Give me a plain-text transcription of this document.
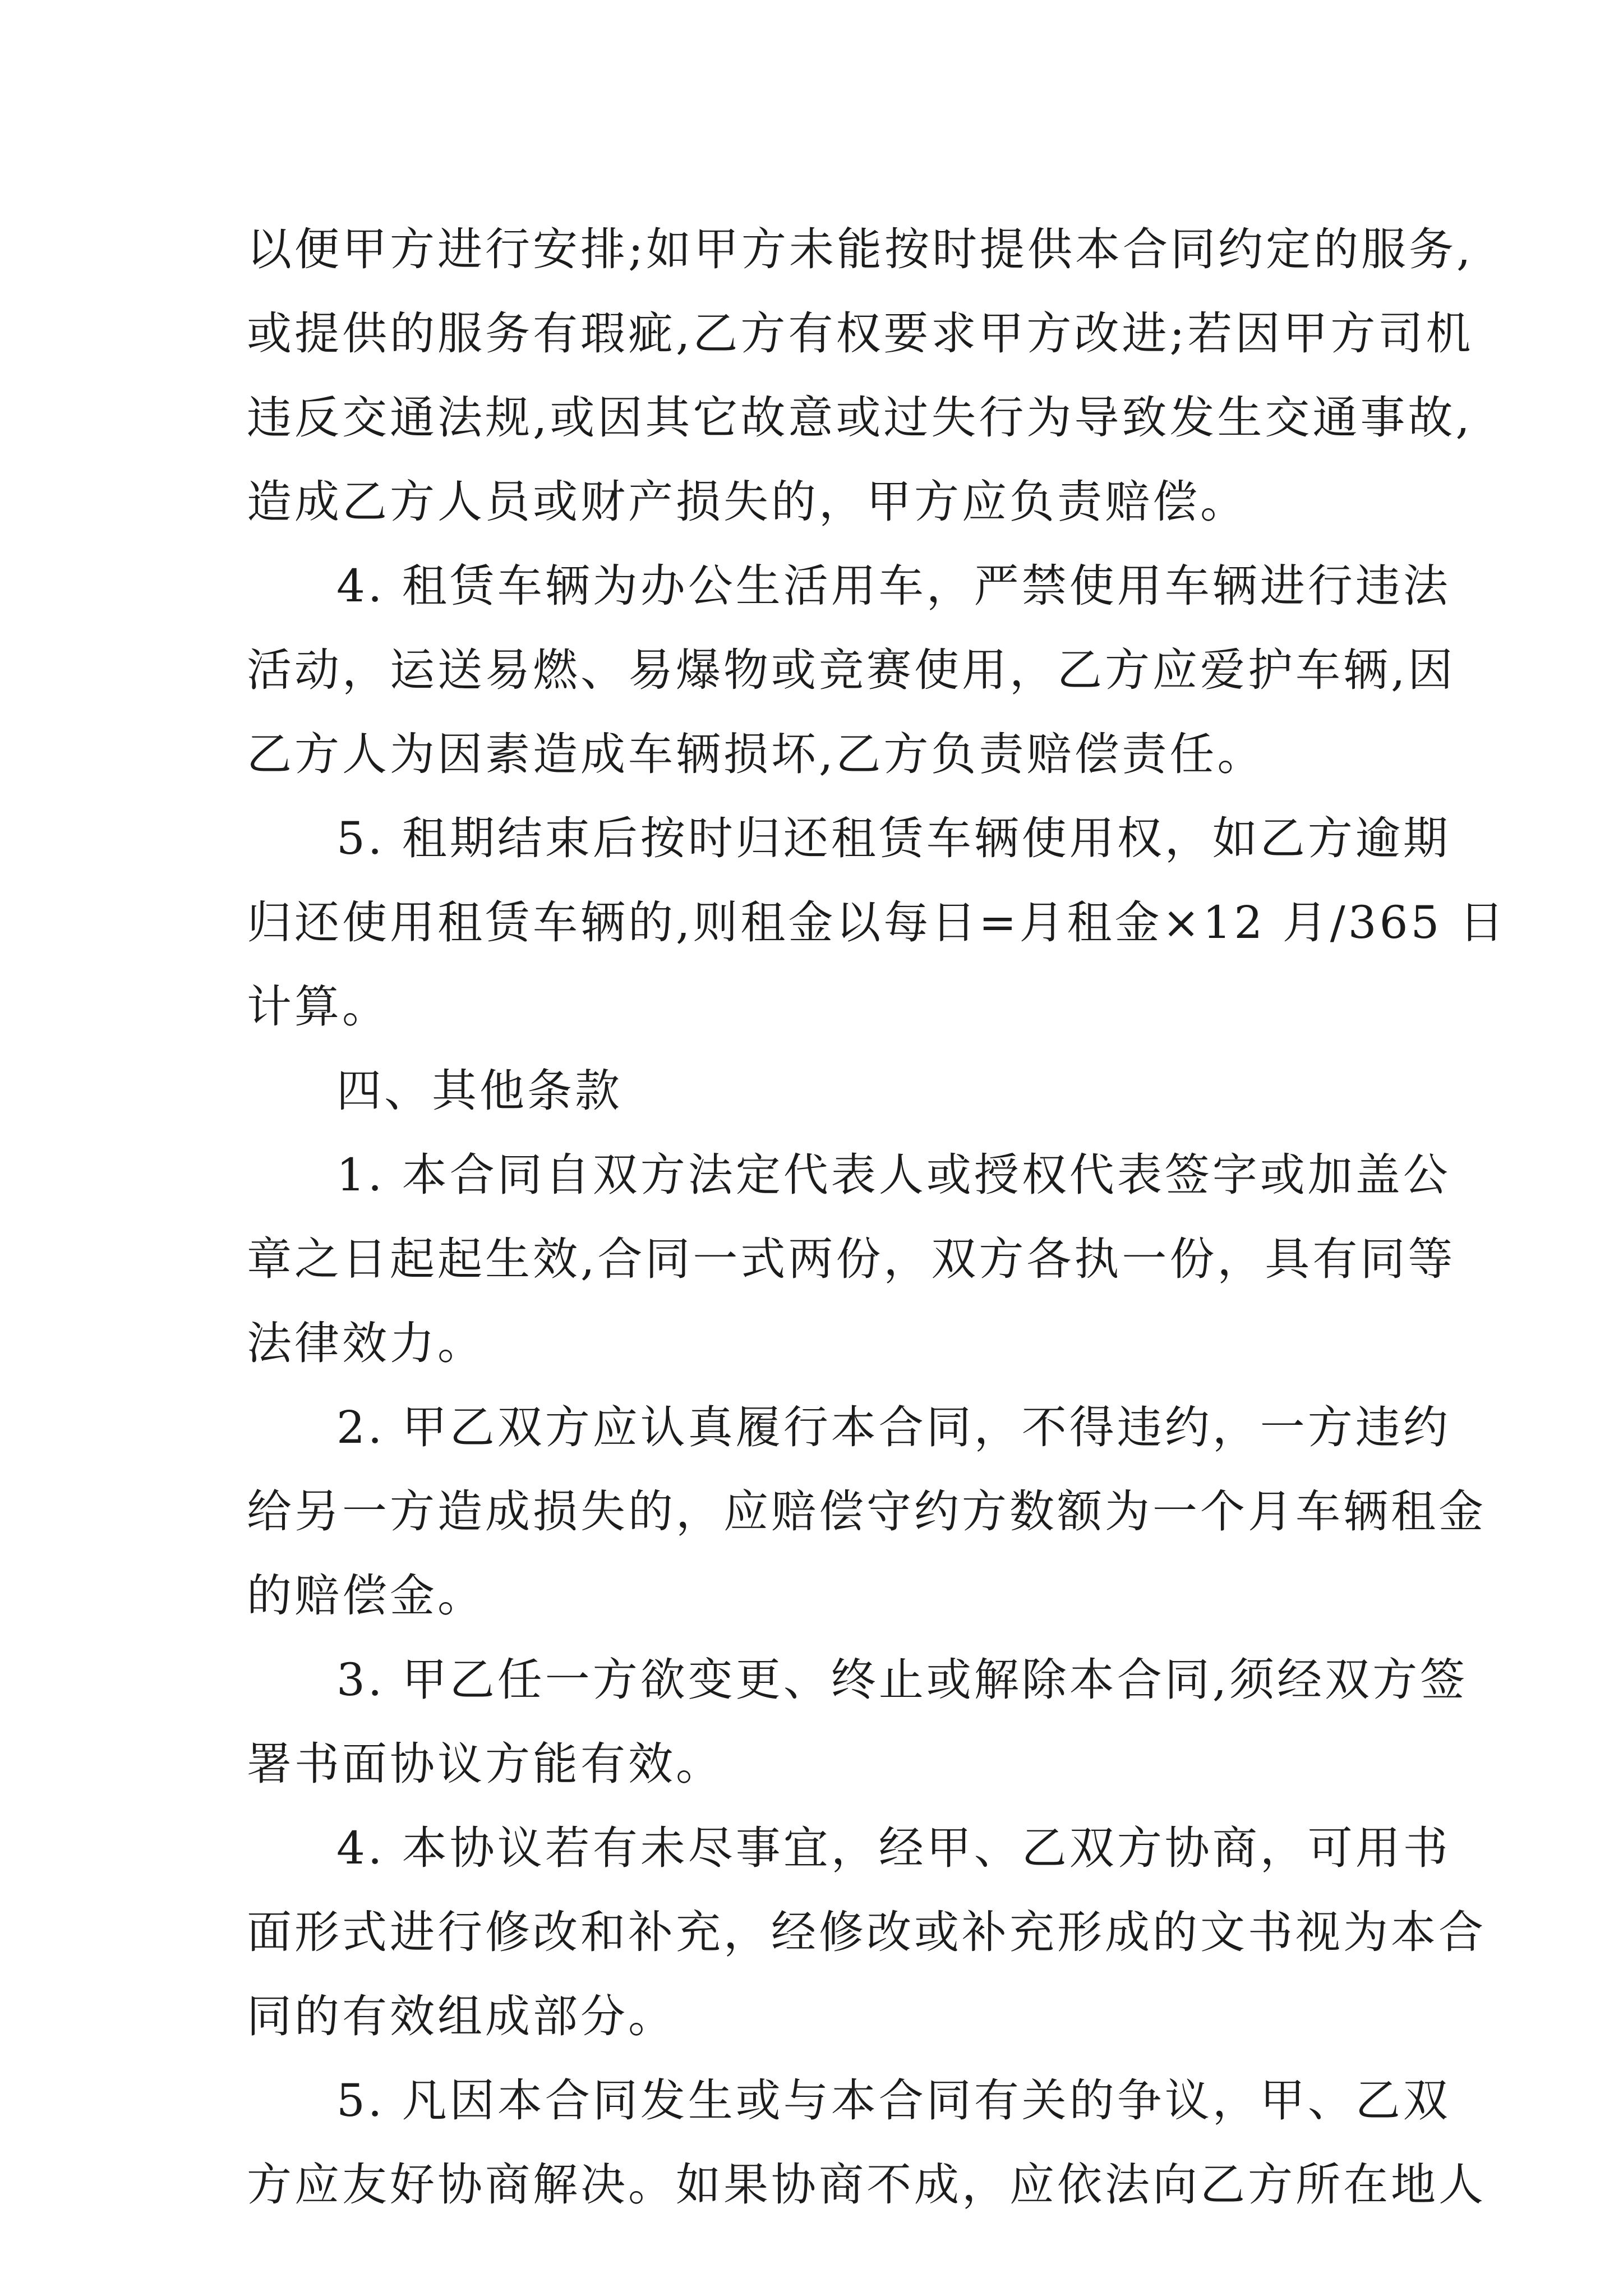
以便甲方进行安排;如甲方未能按时提供本合同约定的服务,
或提供的服务有瑕疵,乙方有权要求甲方改进;若因甲方司机
违反交通法规,或因其它故意或过失行为导致发生交通事故,
造成乙方人员或财产损失的，甲方应负责赔偿。
4. 租赁车辆为办公生活用车，严禁使用车辆进行违法
活动，运送易燃、易爆物或竞赛使用，乙方应爱护车辆,因
乙方人为因素造成车辆损坏,乙方负责赔偿责任。
5. 租期结束后按时归还租赁车辆使用权，如乙方逾期
归还使用租赁车辆的,则租金以每日=月租金×12 月/365 日
计算。
四、其他条款
1. 本合同自双方法定代表人或授权代表签字或加盖公
章之日起起生效,合同一式两份，双方各执一份，具有同等
法律效力。
2. 甲乙双方应认真履行本合同，不得违约，一方违约
给另一方造成损失的，应赔偿守约方数额为一个月车辆租金
的赔偿金。
3. 甲乙任一方欲变更、终止或解除本合同,须经双方签
署书面协议方能有效。
4. 本协议若有未尽事宜，经甲、乙双方协商，可用书
面形式进行修改和补充，经修改或补充形成的文书视为本合
同的有效组成部分。
5. 凡因本合同发生或与本合同有关的争议，甲、乙双
方应友好协商解决。如果协商不成，应依法向乙方所在地人
